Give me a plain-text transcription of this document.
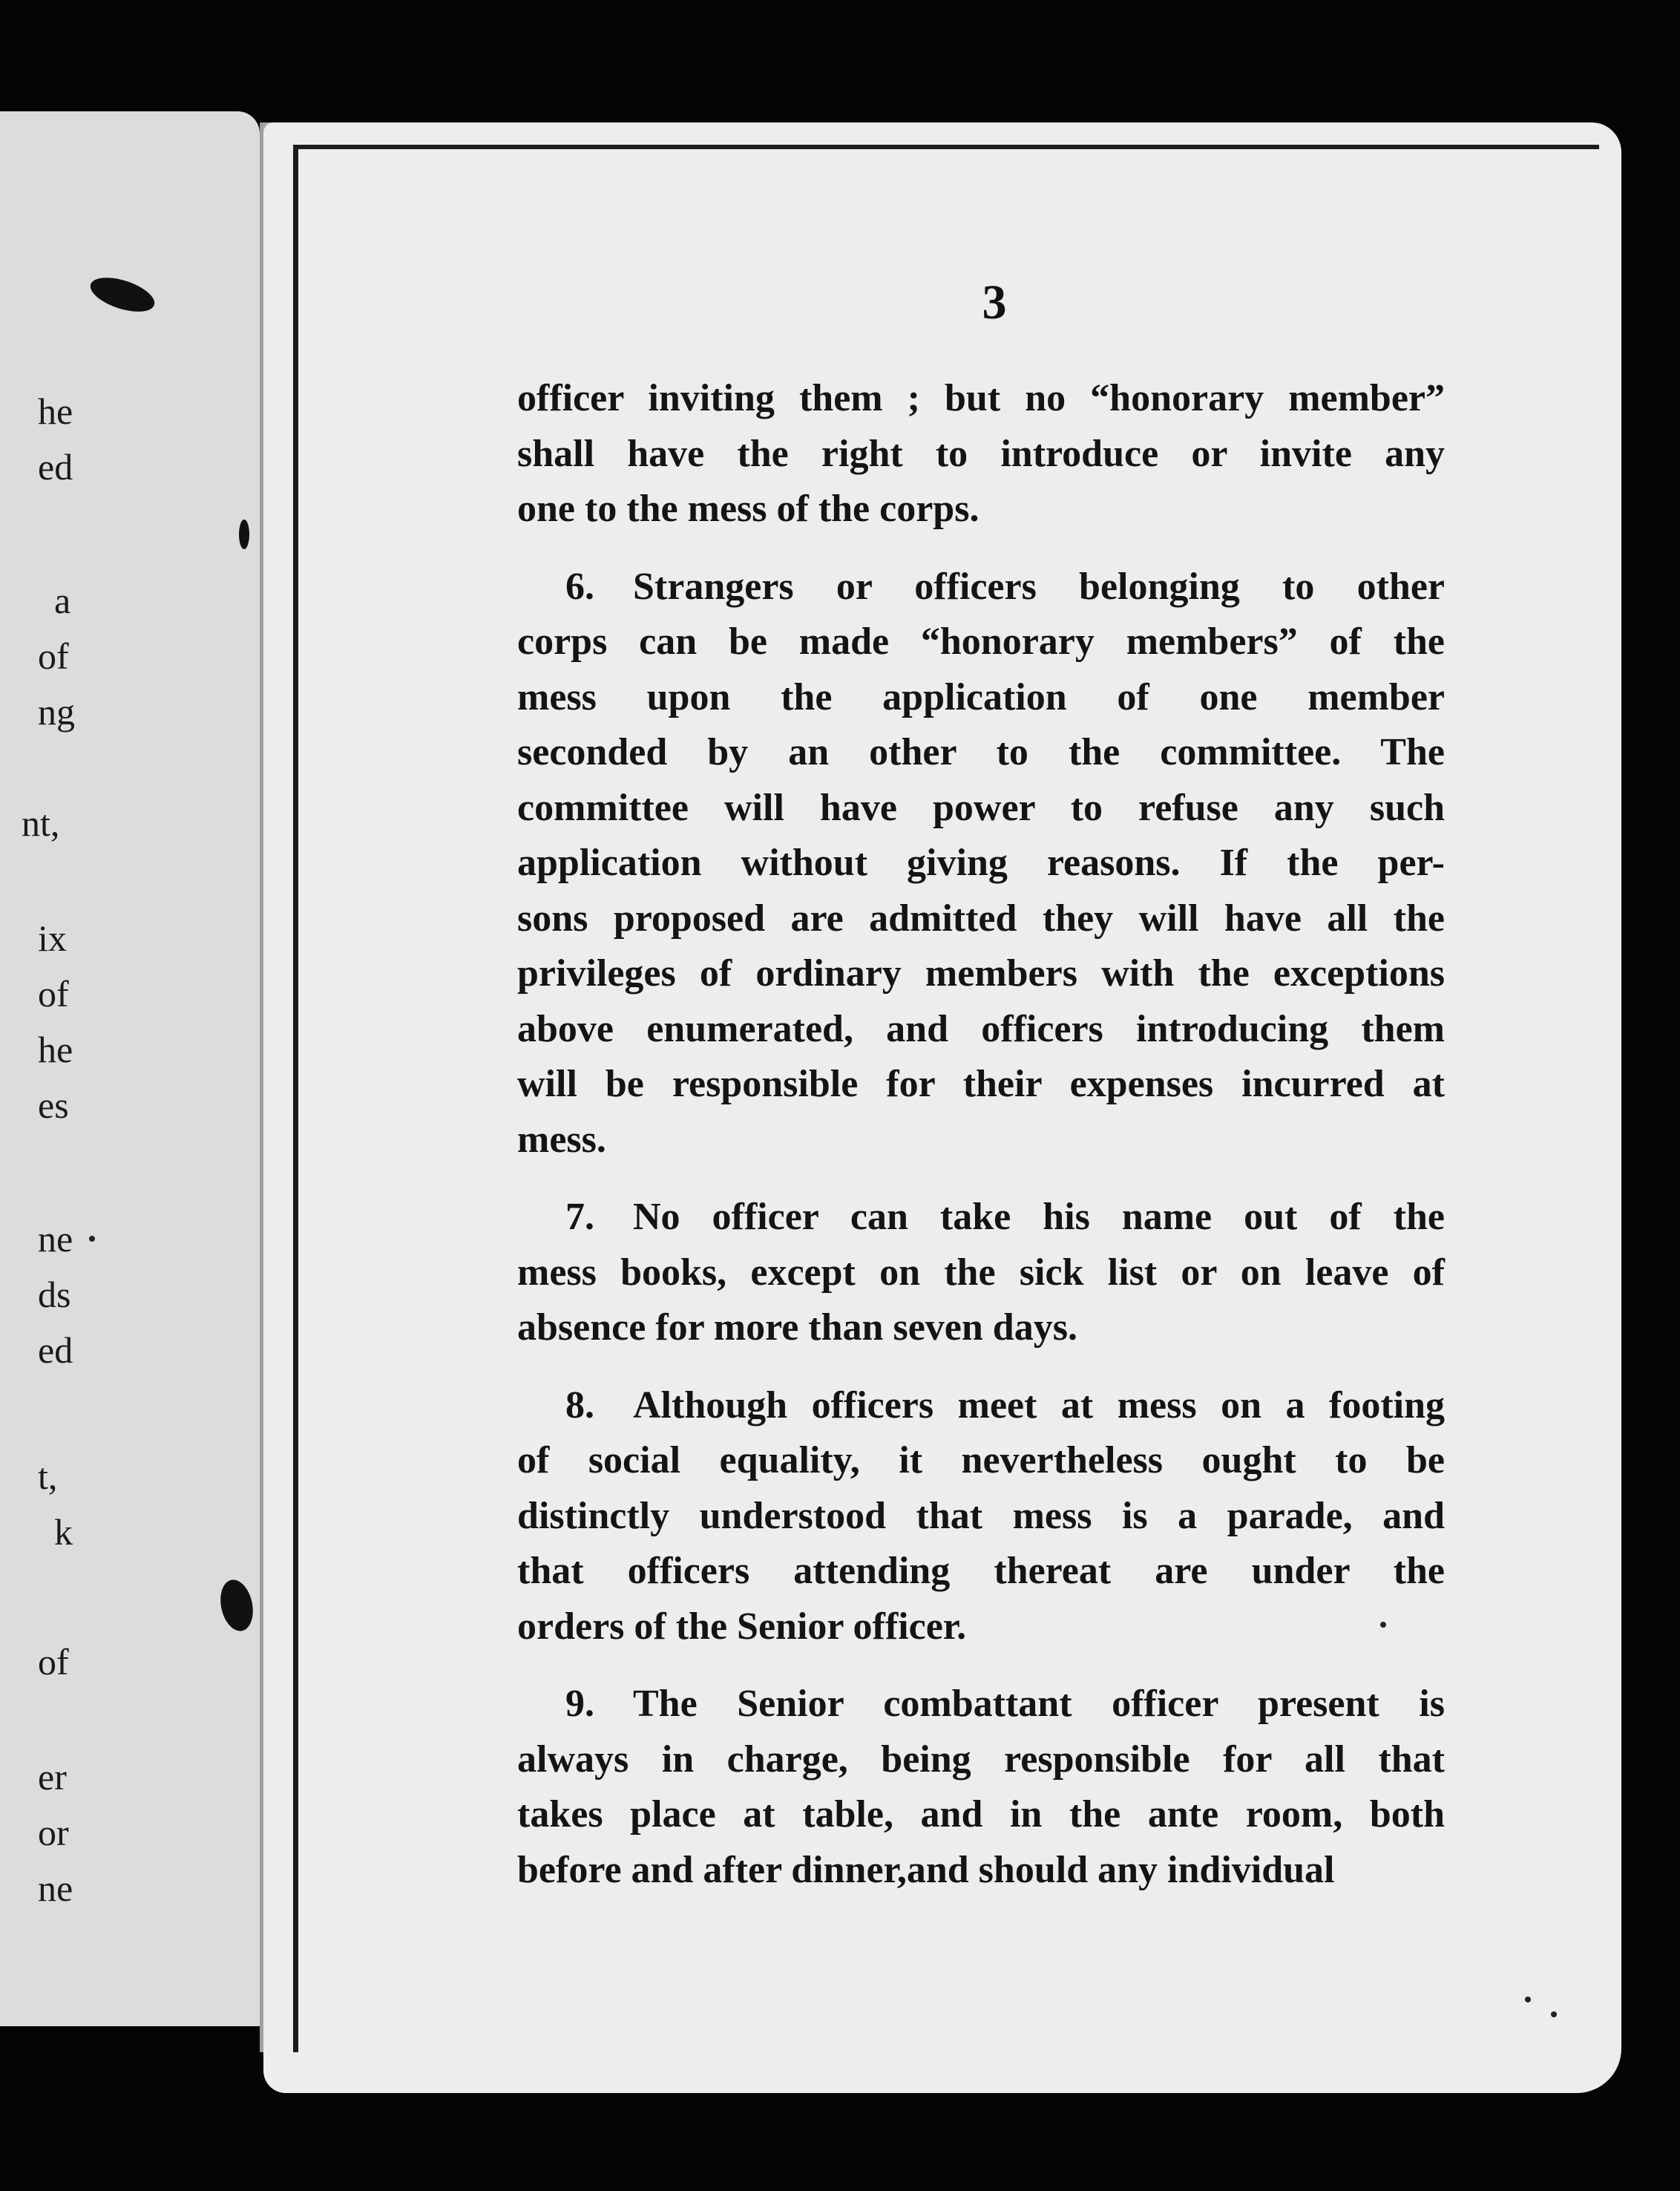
he
ed
a
of
ng
nt,
ix
of
he
es
ne
ds
ed
t,
k
of
er
or
ne
3
officer inviting them ; but no “honorary member”
shall have the right to introduce or invite any
one to the mess of the corps.
6.  Strangers or officers belonging to other
corps can be made “honorary members” of the
mess upon the application of one member
seconded by an other to the committee. The
committee will have power to refuse any such
application without giving reasons. If the per-
sons proposed are admitted they will have all the
privileges of ordinary members with the exceptions
above enumerated, and officers introducing them
will be responsible for their expenses incurred at
mess.
7.  No officer can take his name out of the
mess books, except on the sick list or on leave of
absence for more than seven days.
8.  Although officers meet at mess on a footing
of social equality, it nevertheless ought to be
distinctly understood that mess is a parade, and
that officers attending thereat are under the
orders of the Senior officer.
9.  The Senior combattant officer present is
always in charge, being responsible for all that
takes place at table, and in the ante room, both
before and after dinner,and should any individual
